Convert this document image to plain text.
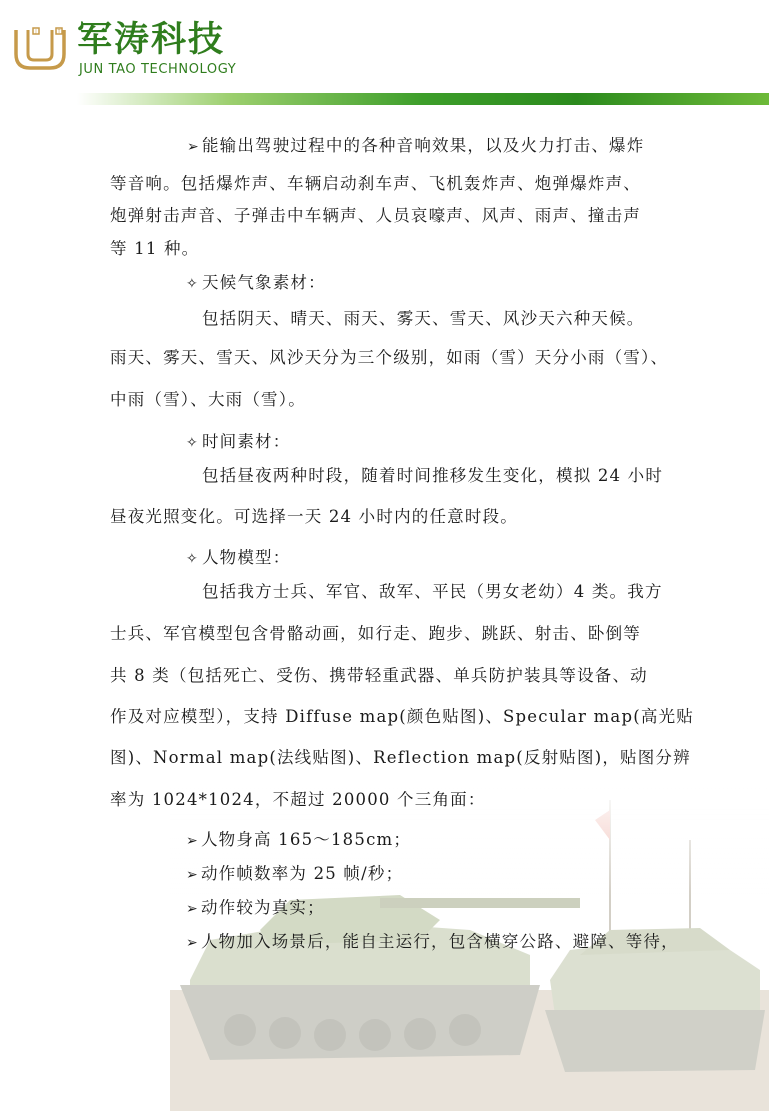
J	T 军涛科技
JUN TAO TECHNOLOGY
➢ 能输出驾驶过程中的各种音响效果，以及火力打击、爆炸
等音响。包括爆炸声、车辆启动刹车声、飞机轰炸声、炮弹爆炸声、
炮弹射击声音、子弹击中车辆声、人员哀嚎声、风声、雨声、撞击声
等 11 种。
✧ 天候气象素材：
包括阴天、晴天、雨天、雾天、雪天、风沙天六种天候。
雨天、雾天、雪天、风沙天分为三个级别，如雨（雪）天分小雨（雪）、
中雨（雪）、大雨（雪）。
✧ 时间素材：
包括昼夜两种时段，随着时间推移发生变化，模拟 24 小时
昼夜光照变化。可选择一天 24 小时内的任意时段。
✧ 人物模型：
包括我方士兵、军官、敌军、平民（男女老幼）4 类。我方
士兵、军官模型包含骨骼动画，如行走、跑步、跳跃、射击、卧倒等
共 8 类（包括死亡、受伤、携带轻重武器、单兵防护装具等设备、动
作及对应模型），支持 Diffuse map(颜色贴图)、Specular map(高光贴
图)、Normal map(法线贴图)、Reflection map(反射贴图)，贴图分辨
率为 1024*1024，不超过 20000 个三角面：
➢ 人物身高 165～185cm；
➢ 动作帧数率为 25 帧/秒；
➢ 动作较为真实；
➢ 人物加入场景后，能自主运行，包含横穿公路、避障、等待，
